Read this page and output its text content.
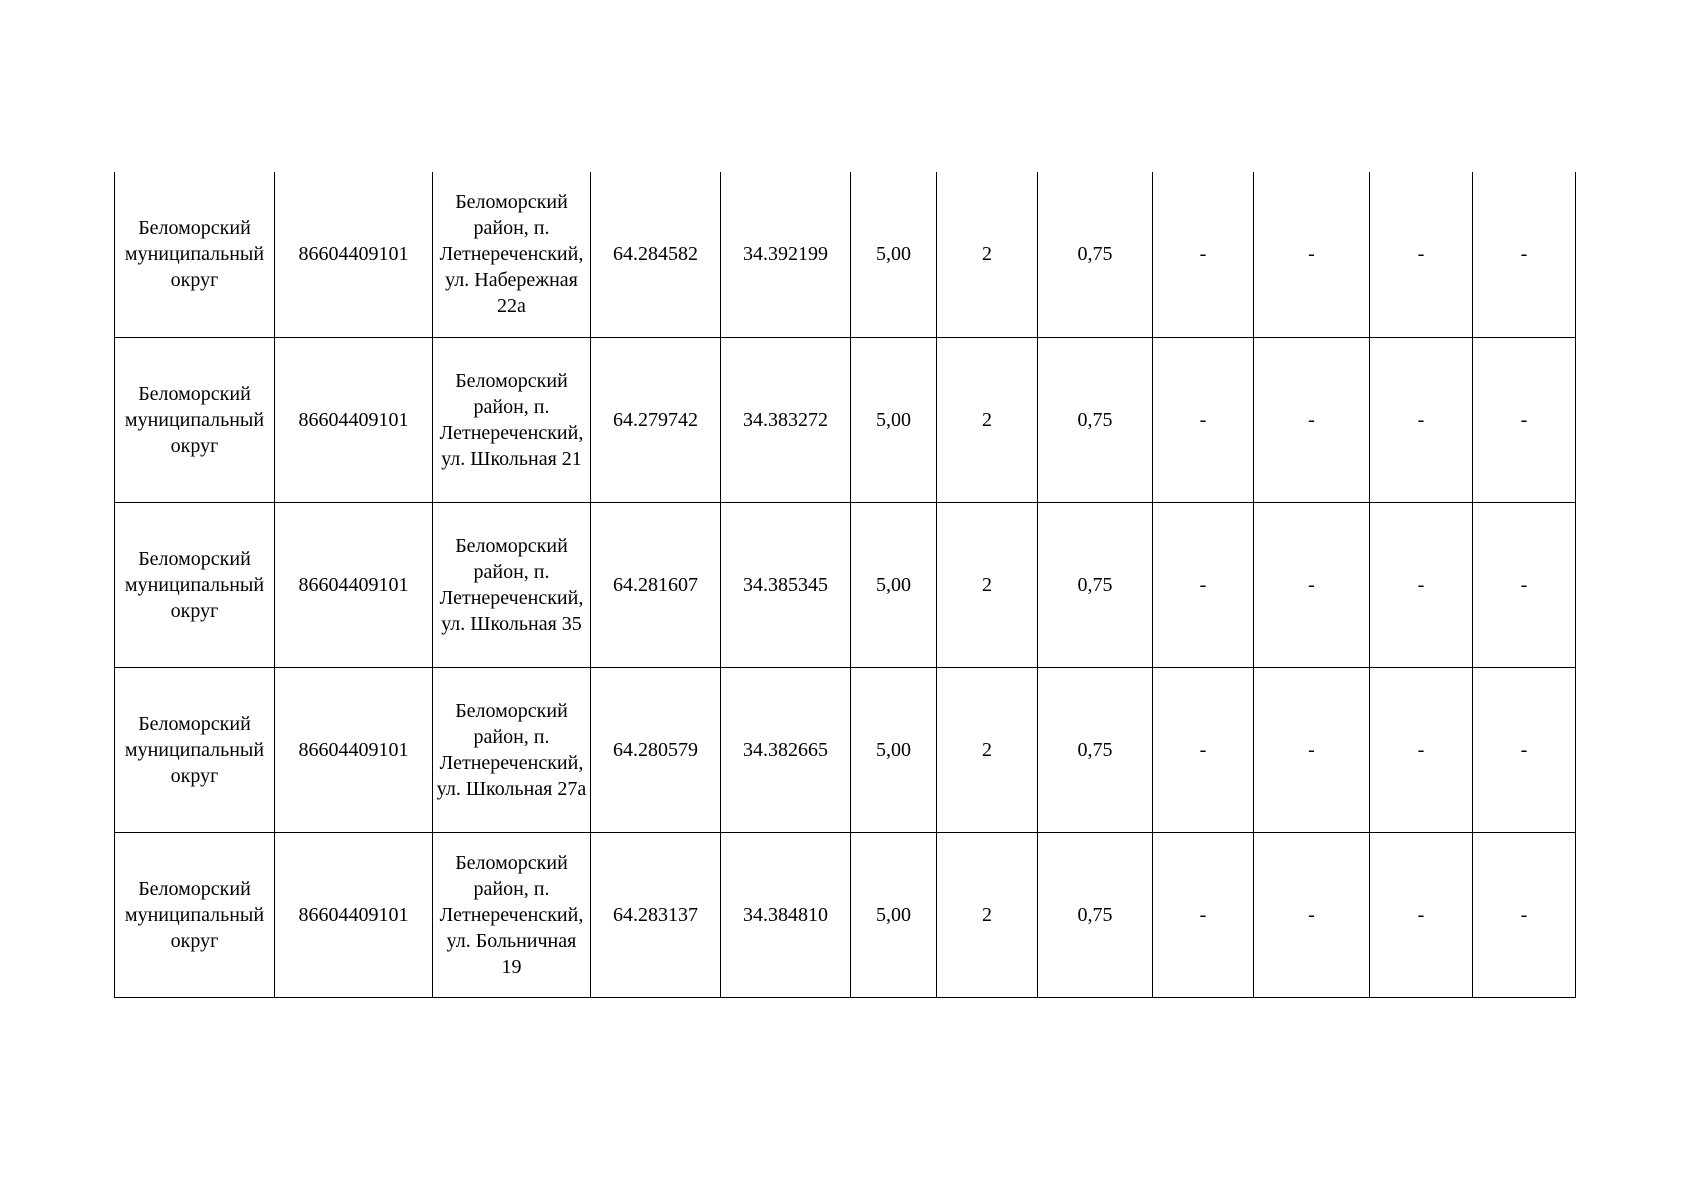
Беломорский муниципальный округ	86604409101	Беломорский район, п. Летнереченский, ул. Набережная 22а	64.284582	34.392199	5,00	2	0,75	-	-	-	-
Беломорский муниципальный округ	86604409101	Беломорский район, п. Летнереченский, ул. Школьная 21	64.279742	34.383272	5,00	2	0,75	-	-	-	-
Беломорский муниципальный округ	86604409101	Беломорский район, п. Летнереченский, ул. Школьная 35	64.281607	34.385345	5,00	2	0,75	-	-	-	-
Беломорский муниципальный округ	86604409101	Беломорский район, п. Летнереченский, ул. Школьная 27а	64.280579	34.382665	5,00	2	0,75	-	-	-	-
Беломорский муниципальный округ	86604409101	Беломорский район, п. Летнереченский, ул. Больничная 19	64.283137	34.384810	5,00	2	0,75	-	-	-	-
